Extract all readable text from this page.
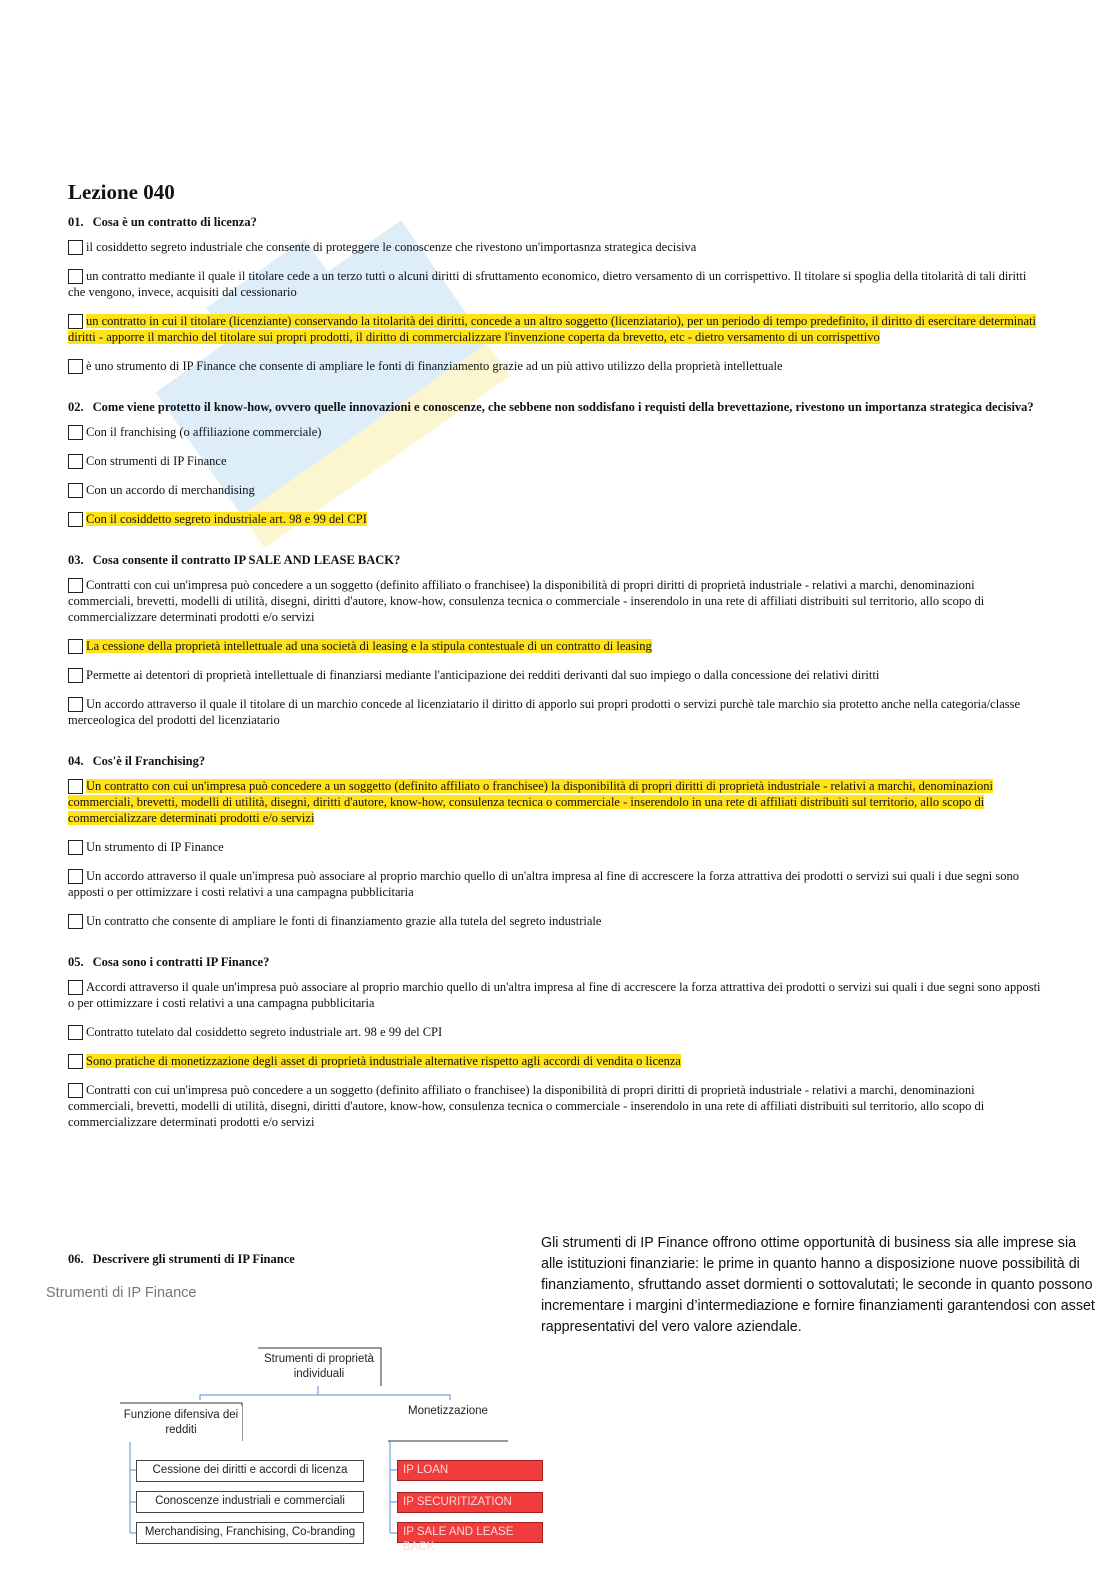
Lezione 040

01. Cosa è un contratto di licenza?

il cosiddetto segreto industriale che consente di proteggere le conoscenze che rivestono un'importasnza strategica decisiva

un contratto mediante il quale il titolare cede a un terzo tutti o alcuni diritti di sfruttamento economico, dietro versamento di un corrispettivo. Il titolare si spoglia della titolarità di tali diritti che vengono, invece, acquisiti dal cessionario

un contratto in cui il titolare (licenziante) conservando la titolarità dei diritti, concede a un altro soggetto (licenziatario), per un periodo di tempo predefinito, il diritto di esercitare determinati diritti - apporre il marchio del titolare sui propri prodotti, il diritto di commercializzare l'invenzione coperta da brevetto, etc - dietro versamento di un corrispettivo

è uno strumento di IP Finance che consente di ampliare le fonti di finanziamento grazie ad un più attivo utilizzo della proprietà intellettuale

02. Come viene protetto il know-how, ovvero quelle innovazioni e conoscenze, che sebbene non soddisfano i requisti della brevettazione, rivestono un importanza strategica decisiva?

Con il franchising (o affiliazione commerciale)

Con strumenti di IP Finance

Con un accordo di merchandising

Con il cosiddetto segreto industriale art. 98 e 99 del CPI

03. Cosa consente il contratto IP SALE AND LEASE BACK?

Contratti con cui un'impresa può concedere a un soggetto (definito affiliato o franchisee) la disponibilità di propri diritti di proprietà industriale - relativi a marchi, denominazioni commerciali, brevetti, modelli di utilità, disegni, diritti d'autore, know-how, consulenza tecnica o commerciale - inserendolo in una rete di affiliati distribuiti sul territorio, allo scopo di commercializzare determinati prodotti e/o servizi

La cessione della proprietà intellettuale ad una società di leasing e la stipula contestuale di un contratto di leasing

Permette ai detentori di proprietà intellettuale di finanziarsi mediante l'anticipazione dei redditi derivanti dal suo impiego o dalla concessione dei relativi diritti

Un accordo attraverso il quale il titolare di un marchio concede al licenziatario il diritto di apporlo sui propri prodotti o servizi purchè tale marchio sia protetto anche nella categoria/classe merceologica del prodotti del licenziatario

04. Cos'è il Franchising?

Un contratto con cui un'impresa può concedere a un soggetto (definito affiliato o franchisee) la disponibilità di propri diritti di proprietà industriale - relativi a marchi, denominazioni commerciali, brevetti, modelli di utilità, disegni, diritti d'autore, know-how, consulenza tecnica o commerciale - inserendolo in una rete di affiliati distribuiti sul territorio, allo scopo di commercializzare determinati prodotti e/o servizi

Un strumento di IP Finance

Un accordo attraverso il quale un'impresa può associare al proprio marchio quello di un'altra impresa al fine di accrescere la forza attrattiva dei prodotti o servizi sui quali i due segni sono apposti o per ottimizzare i costi relativi a una campagna pubblicitaria

Un contratto che consente di ampliare le fonti di finanziamento grazie alla tutela del segreto industriale

05. Cosa sono i contratti IP Finance?

Accordi attraverso il quale un'impresa può associare al proprio marchio quello di un'altra impresa al fine di accrescere la forza attrattiva dei prodotti o servizi sui quali i due segni sono apposti o per ottimizzare i costi relativi a una campagna pubblicitaria

Contratto tutelato dal cosiddetto segreto industriale art. 98 e 99 del CPI

Sono pratiche di monetizzazione degli asset di proprietà industriale alternative rispetto agli accordi di vendita o licenza

Contratti con cui un'impresa può concedere a un soggetto (definito affiliato o franchisee) la disponibilità di propri diritti di proprietà industriale - relativi a marchi, denominazioni commerciali, brevetti, modelli di utilità, disegni, diritti d'autore, know-how, consulenza tecnica o commerciale - inserendolo in una rete di affiliati distribuiti sul territorio, allo scopo di commercializzare determinati prodotti e/o servizi

06. Descrivere gli strumenti di IP Finance
Strumenti di IP Finance
Gli strumenti di IP Finance offrono ottime opportunità di business sia alle imprese sia alle istituzioni finanziarie: le prime in quanto hanno a disposizione nuove possibilità di finanziamento, sfruttando asset dormienti o sottovalutati; le seconde in quanto possono incrementare i margini d’intermediazione e fornire finanziamenti garantendosi con asset rappresentativi del vero valore aziendale.
Strumenti di proprietà individuali
Funzione difensiva dei redditi
Monetizzazione
Cessione dei diritti e accordi di licenza
Conoscenze industriali e commerciali
Merchandising, Franchising, Co-branding
IP LOAN
IP SECURITIZATION
IP SALE AND LEASE BACK
